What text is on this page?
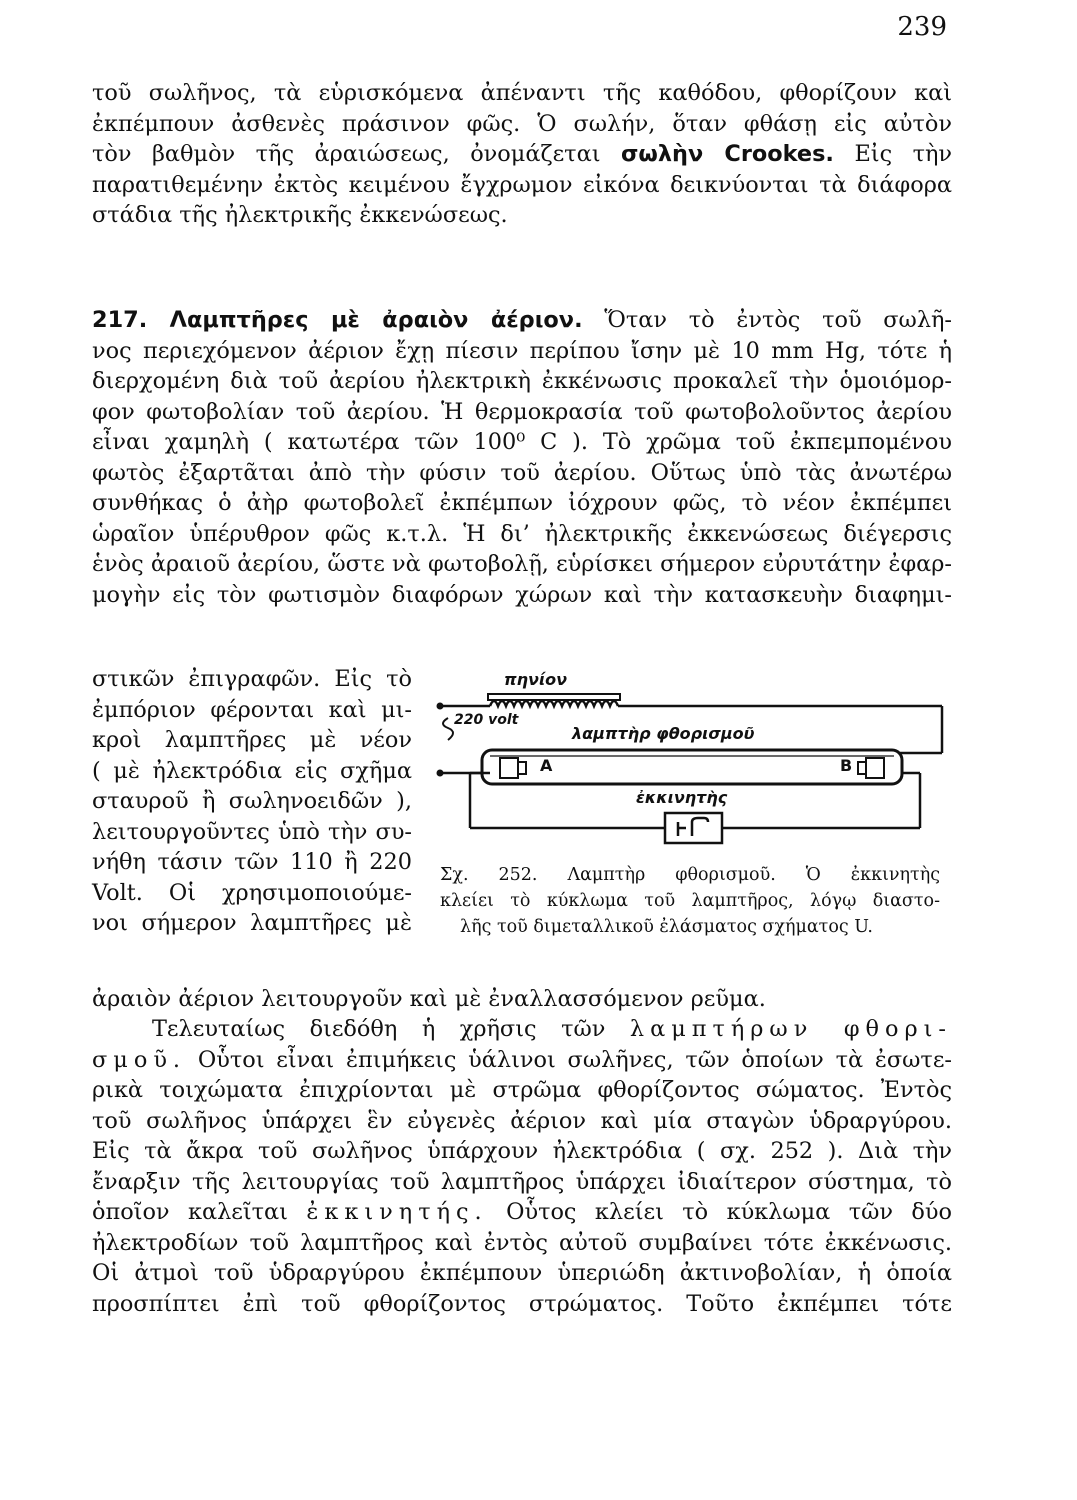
239
τοῦ σωλῆνος, τὰ εὑρισκόμενα ἀπέναντι τῆς καθόδου, φθορίζουν καὶ
ἐκπέμπουν ἀσθενὲς πράσινον φῶς. Ὁ σωλήν, ὅταν φθάσῃ εἰς αὐτὸν
τὸν βαθμὸν τῆς ἀραιώσεως, ὀνομάζεται σωλὴν Crookes. Εἰς τὴν
παρατιθεμένην ἐκτὸς κειμένου ἔγχρωμον εἰκόνα δεικνύονται τὰ διάφορα
στάδια τῆς ἠλεκτρικῆς ἐκκενώσεως.
217. Λαμπτῆρες μὲ ἀραιὸν ἀέριον. Ὅταν τὸ ἐντὸς τοῦ σωλῆ-
νος περιεχόμενον ἀέριον ἔχῃ πίεσιν περίπου ἴσην μὲ 10 mm Hg, τότε ἡ
διερχομένη διὰ τοῦ ἀερίου ἠλεκτρικὴ ἐκκένωσις προκαλεῖ τὴν ὁμοιόμορ-
φον φωτοβολίαν τοῦ ἀερίου. Ἡ θερμοκρασία τοῦ φωτοβολοῦντος ἀερίου
εἶναι χαμηλὴ ( κατωτέρα τῶν 100⁰ C ). Τὸ χρῶμα τοῦ ἐκπεμπομένου
φωτὸς ἐξαρτᾶται ἀπὸ τὴν φύσιν τοῦ ἀερίου. Οὕτως ὑπὸ τὰς ἀνωτέρω
συνθήκας ὁ ἀὴρ φωτοβολεῖ ἐκπέμπων ἰόχρουν φῶς, τὸ νέον ἐκπέμπει
ὡραῖον ὑπέρυθρον φῶς κ.τ.λ. Ἡ δι’ ἠλεκτρικῆς ἐκκενώσεως διέγερσις
ἑνὸς ἀραιοῦ ἀερίου, ὥστε νὰ φωτοβολῇ, εὑρίσκει σήμερον εὐρυτάτην ἐφαρ-
μογὴν εἰς τὸν φωτισμὸν διαφόρων χώρων καὶ τὴν κατασκευὴν διαφημι-
στικῶν ἐπιγραφῶν. Εἰς τὸ
ἐμπόριον φέρονται καὶ μι-
κροὶ λαμπτῆρες μὲ νέον
( μὲ ἠλεκτρόδια εἰς σχῆμα
σταυροῦ ἢ σωληνοειδῶν ),
λειτουργοῦντες ὑπὸ τὴν συ-
νήθη τάσιν τῶν 110 ἢ 220
Volt. Οἱ χρησιμοποιούμε-
νοι σήμερον λαμπτῆρες μὲ
πηνίον
220 volt
λαμπτὴρ φθορισμοῦ
A	B
ἐκκινητὴς
Σχ. 252. Λαμπτὴρ φθορισμοῦ. Ὁ ἐκκινητὴς
κλείει τὸ κύκλωμα τοῦ λαμπτῆρος, λόγῳ διαστο-
λῆς τοῦ διμεταλλικοῦ ἐλάσματος σχήματος U.
ἀραιὸν ἀέριον λειτουργοῦν καὶ μὲ ἐναλλασσόμενον ρεῦμα.
Τελευταίως διεδόθη ἡ χρῆσις τῶν λαμπτήρων φθορι-
σμοῦ. Οὗτοι εἶναι ἐπιμήκεις ὑάλινοι σωλῆνες, τῶν ὁποίων τὰ ἐσωτε-
ρικὰ τοιχώματα ἐπιχρίονται μὲ στρῶμα φθορίζοντος σώματος. Ἐντὸς
τοῦ σωλῆνος ὑπάρχει ἓν εὐγενὲς ἀέριον καὶ μία σταγὼν ὑδραργύρου.
Εἰς τὰ ἄκρα τοῦ σωλῆνος ὑπάρχουν ἠλεκτρόδια ( σχ. 252 ). Διὰ τὴν
ἔναρξιν τῆς λειτουργίας τοῦ λαμπτῆρος ὑπάρχει ἰδιαίτερον σύστημα, τὸ
ὁποῖον καλεῖται ἐκκινητής. Οὗτος κλείει τὸ κύκλωμα τῶν δύο
ἠλεκτροδίων τοῦ λαμπτῆρος καὶ ἐντὸς αὐτοῦ συμβαίνει τότε ἐκκένωσις.
Οἱ ἀτμοὶ τοῦ ὑδραργύρου ἐκπέμπουν ὑπεριώδη ἀκτινοβολίαν, ἡ ὁποία
προσπίπτει ἐπὶ τοῦ φθορίζοντος στρώματος. Τοῦτο ἐκπέμπει τότε
